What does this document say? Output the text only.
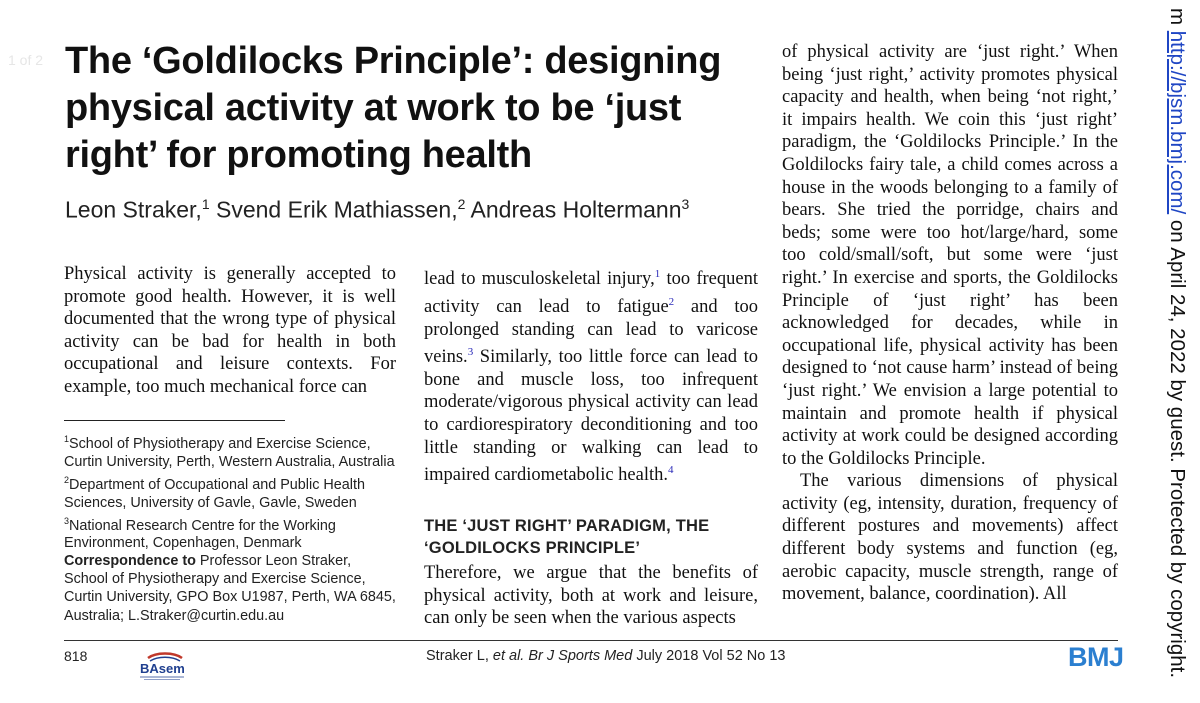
1 of 2 The ‘Goldilocks Principle’: designing physical activity at work to be ‘just right’ for promoting health
Leon Straker,$^1$ Svend Erik Mathiassen,$^2$ Andreas Holtermann$^3$

Physical activity is generally accepted to promote good health. However, it is well documented that the wrong type of physical activity can be bad for health in both occupational and leisure contexts. For example, too much mechanical force can

$^1$School of Physiotherapy and Exercise Science, Curtin University, Perth, Western Australia, Australia

$^2$Department of Occupational and Public Health Sciences, University of Gavle, Gavle, Sweden

$^3$National Research Centre for the Working Environment, Copenhagen, Denmark

Correspondence to Professor Leon Straker, School of Physiotherapy and Exercise Science, Curtin University, GPO Box U1987, Perth, WA 6845, Australia; L.Straker@curtin.edu.au

lead to musculoskeletal injury,$^1$ too frequent activity can lead to fatigue$^2$ and too prolonged standing can lead to varicose veins.$^3$ Similarly, too little force can lead to bone and muscle loss, too infrequent moderate/vigorous physical activity can lead to cardiorespiratory deconditioning and too little standing or walking can lead to impaired cardiometabolic health.$^4$

THE ‘JUST RIGHT’ PARADIGM, THE ‘GOLDILOCKS PRINCIPLE’

Therefore, we argue that the benefits of physical activity, both at work and leisure, can only be seen when the various aspects

of physical activity are ‘just right.’ When being ‘just right,’ activity promotes physical capacity and health, when being ‘not right,’ it impairs health. We coin this ‘just right’ paradigm, the ‘Goldilocks Principle.’ In the Goldilocks fairy tale, a child comes across a house in the woods belonging to a family of bears. She tried the porridge, chairs and beds; some were too hot/large/hard, some too cold/small/soft, but some were ‘just right.’ In exercise and sports, the Goldilocks Principle of ‘just right’ has been acknowledged for decades, while in occupational life, physical activity has been designed to ‘not cause harm’ instead of being ‘just right.’ We envision a large potential to maintain and promote health if physical activity at work could be designed according to the Goldilocks Principle.

The various dimensions of physical activity (eg, intensity, duration, frequency of different postures and movements) affect different body systems and function (eg, aerobic capacity, muscle strength, range of movement, balance, coordination). All

818
BAsem
Straker L, et al. Br J Sports Med July 2018 Vol 52 No 13	BMJ
m http://bjsm.bmj.com/ on April 24, 2022 by guest. Protected by copyright.
